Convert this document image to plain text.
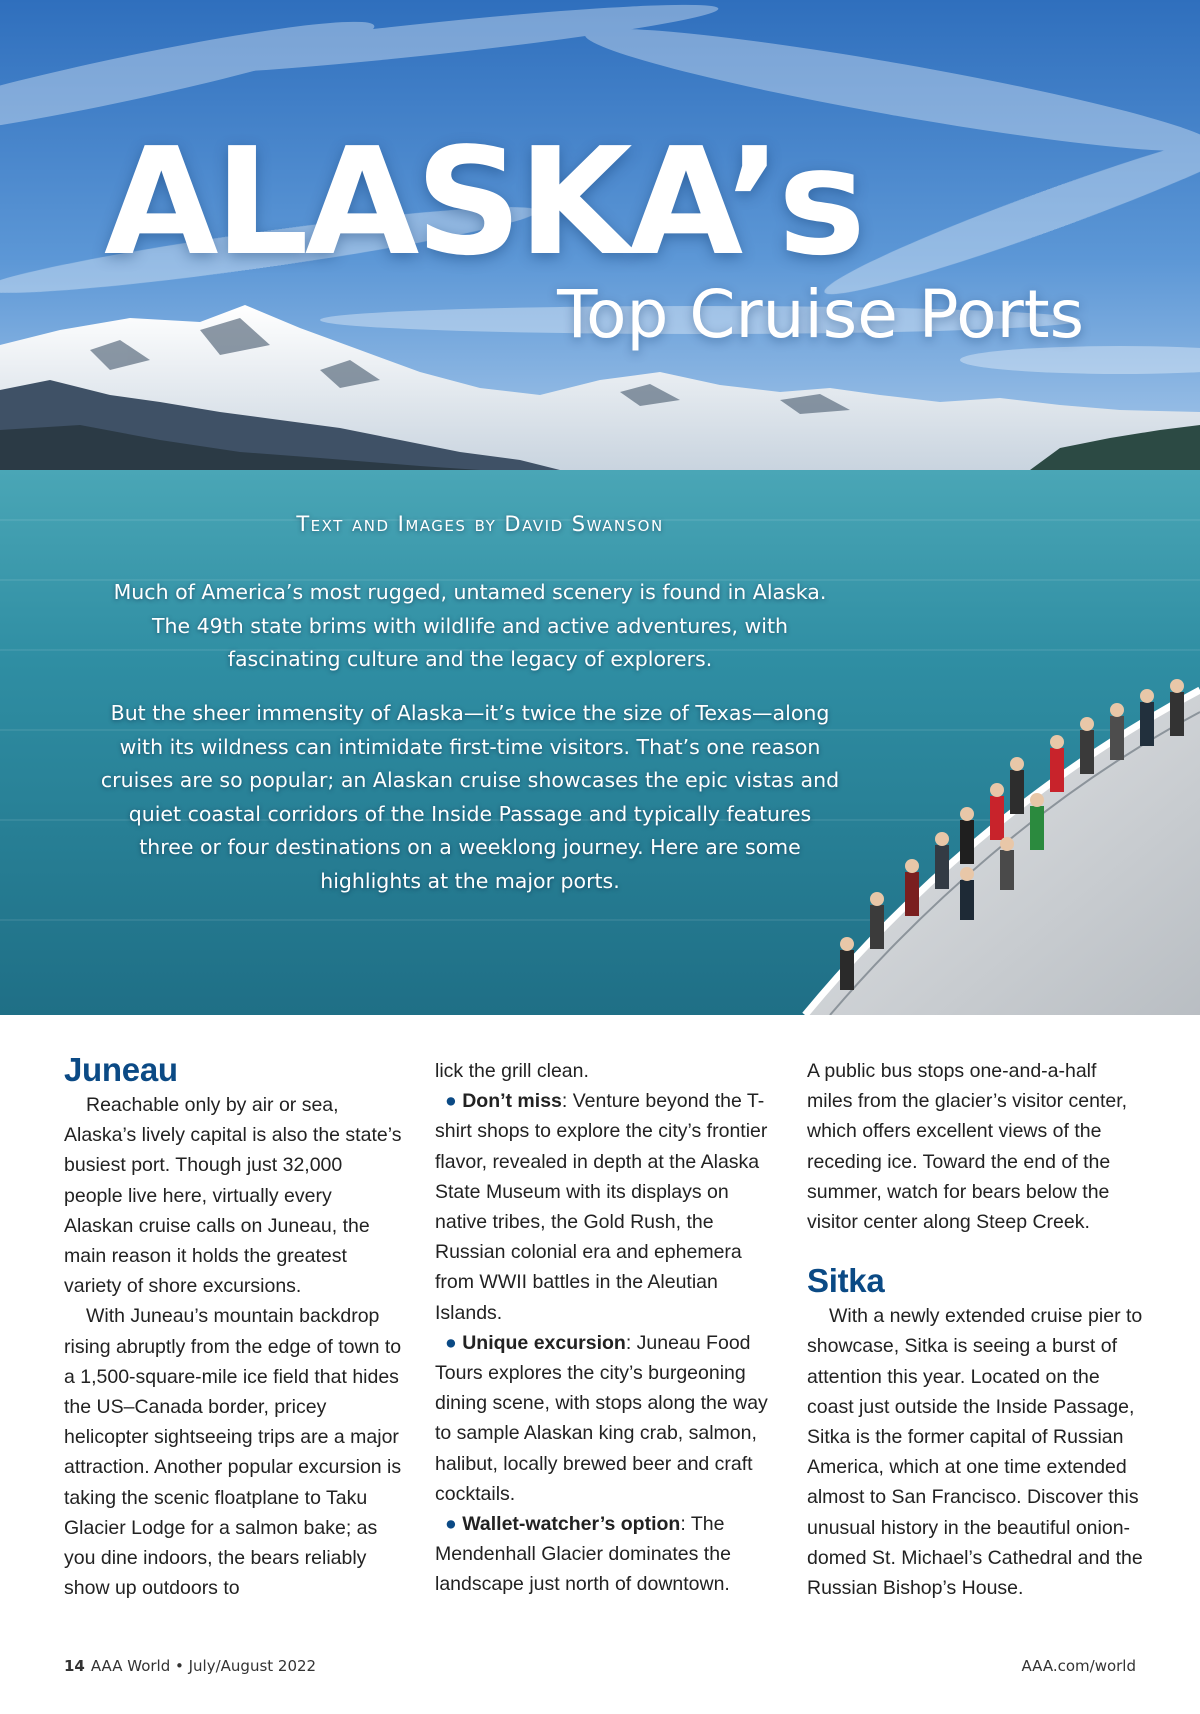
ALASKA’s
Top Cruise Ports

Text and Images by David Swanson

Much of America’s most rugged, untamed scenery is found in Alaska. The 49th state brims with wildlife and active adventures, with fascinating culture and the legacy of explorers.

But the sheer immensity of Alaska—it’s twice the size of Texas—along with its wildness can intimidate first-time visitors. That’s one reason cruises are so popular; an Alaskan cruise showcases the epic vistas and quiet coastal corridors of the Inside Passage and typically features three or four destinations on a weeklong journey. Here are some highlights at the major ports.

Juneau

Reachable only by air or sea, Alaska’s lively capital is also the state’s busiest port. Though just 32,000 people live here, virtually every Alaskan cruise calls on Juneau, the main reason it holds the greatest variety of shore excursions.

With Juneau’s mountain backdrop rising abruptly from the edge of town to a 1,500-square-mile ice field that hides the US–Canada border, pricey helicopter sightseeing trips are a major attraction. Another popular excursion is taking the scenic floatplane to Taku Glacier Lodge for a salmon bake; as you dine indoors, the bears reliably show up outdoors to

lick the grill clean.

● Don’t miss: Venture beyond the T-shirt shops to explore the city’s frontier flavor, revealed in depth at the Alaska State Museum with its displays on native tribes, the Gold Rush, the Russian colonial era and ephemera from WWII battles in the Aleutian Islands.

● Unique excursion: Juneau Food Tours explores the city’s burgeoning dining scene, with stops along the way to sample Alaskan king crab, salmon, halibut, locally brewed beer and craft cocktails.

● Wallet-watcher’s option: The Mendenhall Glacier dominates the landscape just north of downtown.

A public bus stops one-and-a-half miles from the glacier’s visitor center, which offers excellent views of the receding ice. Toward the end of the summer, watch for bears below the visitor center along Steep Creek.

Sitka

With a newly extended cruise pier to showcase, Sitka is seeing a burst of attention this year. Located on the coast just outside the Inside Passage, Sitka is the former capital of Russian America, which at one time extended almost to San Francisco. Discover this unusual history in the beautiful onion-domed St. Michael’s Cathedral and the Russian Bishop’s House.

14 AAA World • July/August 2022	AAA.com/world
